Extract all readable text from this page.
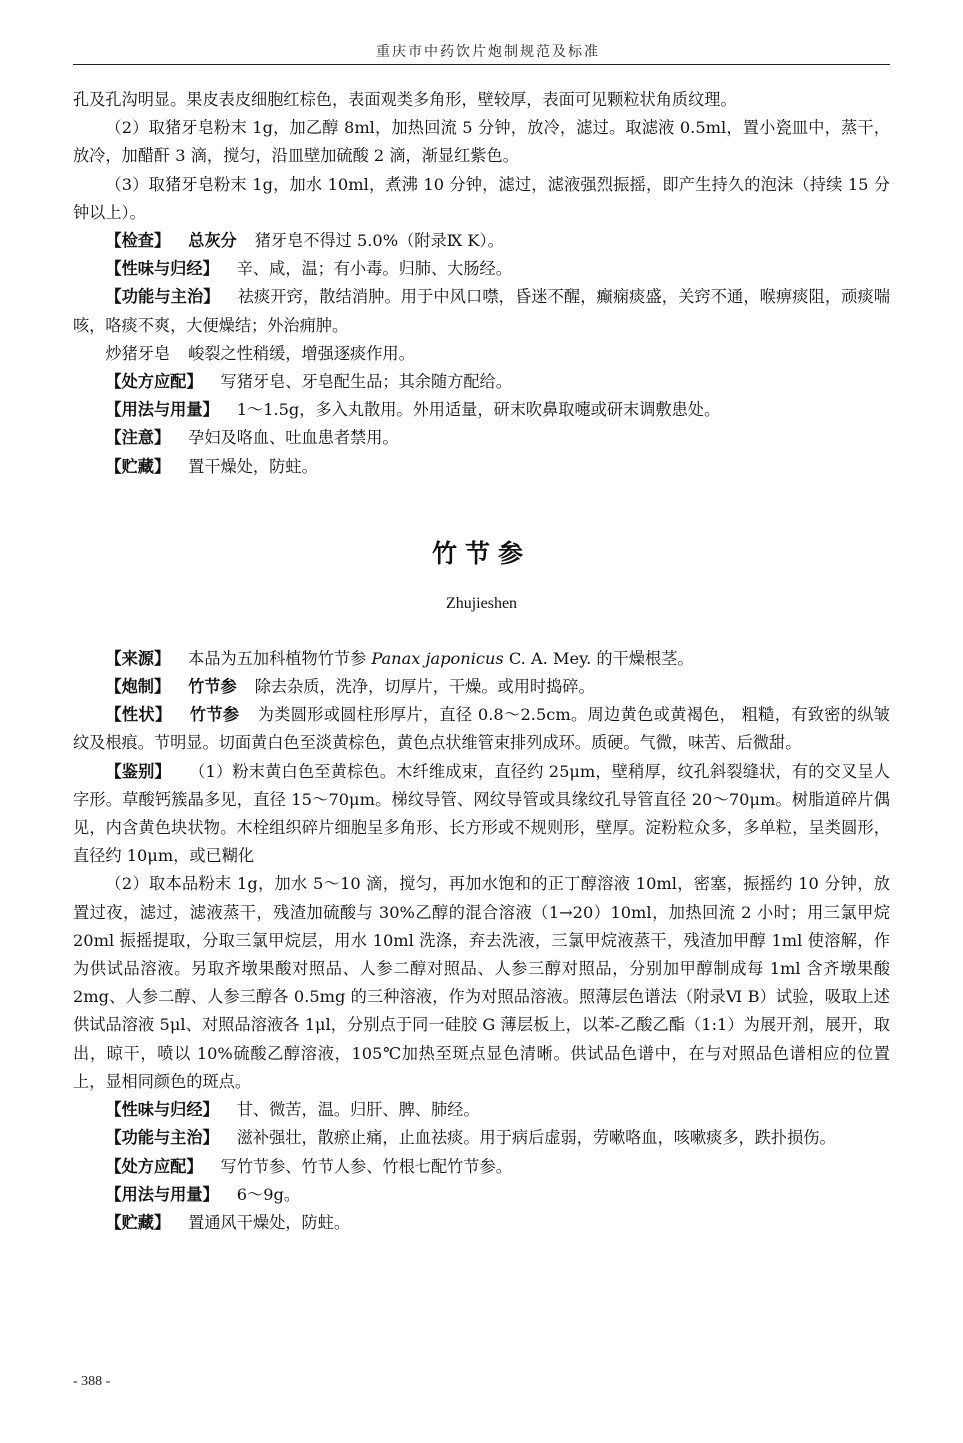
重庆市中药饮片炮制规范及标准

孔及孔沟明显。果皮表皮细胞红棕色，表面观类多角形，壁较厚，表面可见颗粒状角质纹理。

（2）取猪牙皂粉末 1g，加乙醇 8ml，加热回流 5 分钟，放冷，滤过。取滤液 0.5ml，置小瓷皿中，蒸干，放冷，加醋酐 3 滴，搅匀，沿皿壁加硫酸 2 滴，渐显红紫色。

（3）取猪牙皂粉末 1g，加水 10ml，煮沸 10 分钟，滤过，滤液强烈振摇，即产生持久的泡沫（持续 15 分钟以上）。

【检查】 总灰分 猪牙皂不得过 5.0%（附录Ⅸ K）。

【性味与归经】 辛、咸，温；有小毒。归肺、大肠经。

【功能与主治】 祛痰开窍，散结消肿。用于中风口噤，昏迷不醒，癫痫痰盛，关窍不通，喉痹痰阻，顽痰喘咳，咯痰不爽，大便燥结；外治痈肿。

炒猪牙皂 峻裂之性稍缓，增强逐痰作用。

【处方应配】 写猪牙皂、牙皂配生品；其余随方配给。

【用法与用量】 1～1.5g，多入丸散用。外用适量，研末吹鼻取嚏或研末调敷患处。

【注意】 孕妇及咯血、吐血患者禁用。

【贮藏】 置干燥处，防蛀。

竹节参
Zhujieshen

【来源】 本品为五加科植物竹节参 Panax japonicus C. A. Mey. 的干燥根茎。

【炮制】 竹节参 除去杂质，洗净，切厚片，干燥。或用时捣碎。

【性状】 竹节参 为类圆形或圆柱形厚片，直径 0.8～2.5cm。周边黄色或黄褐色， 粗糙，有致密的纵皱纹及根痕。节明显。切面黄白色至淡黄棕色，黄色点状维管束排列成环。质硬。气微，味苦、后微甜。

【鉴别】 （1）粉末黄白色至黄棕色。木纤维成束，直径约 25μm，壁稍厚，纹孔斜裂缝状，有的交叉呈人字形。草酸钙簇晶多见，直径 15～70μm。梯纹导管、网纹导管或具缘纹孔导管直径 20～70μm。树脂道碎片偶见，内含黄色块状物。木栓组织碎片细胞呈多角形、长方形或不规则形，壁厚。淀粉粒众多，多单粒，呈类圆形，直径约 10μm，或已糊化

（2）取本品粉末 1g，加水 5～10 滴，搅匀，再加水饱和的正丁醇溶液 10ml，密塞，振摇约 10 分钟，放置过夜，滤过，滤液蒸干，残渣加硫酸与 30%乙醇的混合溶液（1→20）10ml，加热回流 2 小时；用三氯甲烷 20ml 振摇提取，分取三氯甲烷层，用水 10ml 洗涤，弃去洗液，三氯甲烷液蒸干，残渣加甲醇 1ml 使溶解，作为供试品溶液。另取齐墩果酸对照品、人参二醇对照品、人参三醇对照品，分别加甲醇制成每 1ml 含齐墩果酸 2mg、人参二醇、人参三醇各 0.5mg 的三种溶液，作为对照品溶液。照薄层色谱法（附录Ⅵ B）试验，吸取上述供试品溶液 5μl、对照品溶液各 1μl，分别点于同一硅胶 G 薄层板上，以苯-乙酸乙酯（1:1）为展开剂，展开，取出，晾干，喷以 10%硫酸乙醇溶液，105℃加热至斑点显色清晰。供试品色谱中，在与对照品色谱相应的位置上，显相同颜色的斑点。

【性味与归经】 甘、微苦，温。归肝、脾、肺经。

【功能与主治】 滋补强壮，散瘀止痛，止血祛痰。用于病后虚弱，劳嗽咯血，咳嗽痰多，跌扑损伤。

【处方应配】 写竹节参、竹节人参、竹根七配竹节参。

【用法与用量】 6～9g。

【贮藏】 置通风干燥处，防蛀。

- 388 -
